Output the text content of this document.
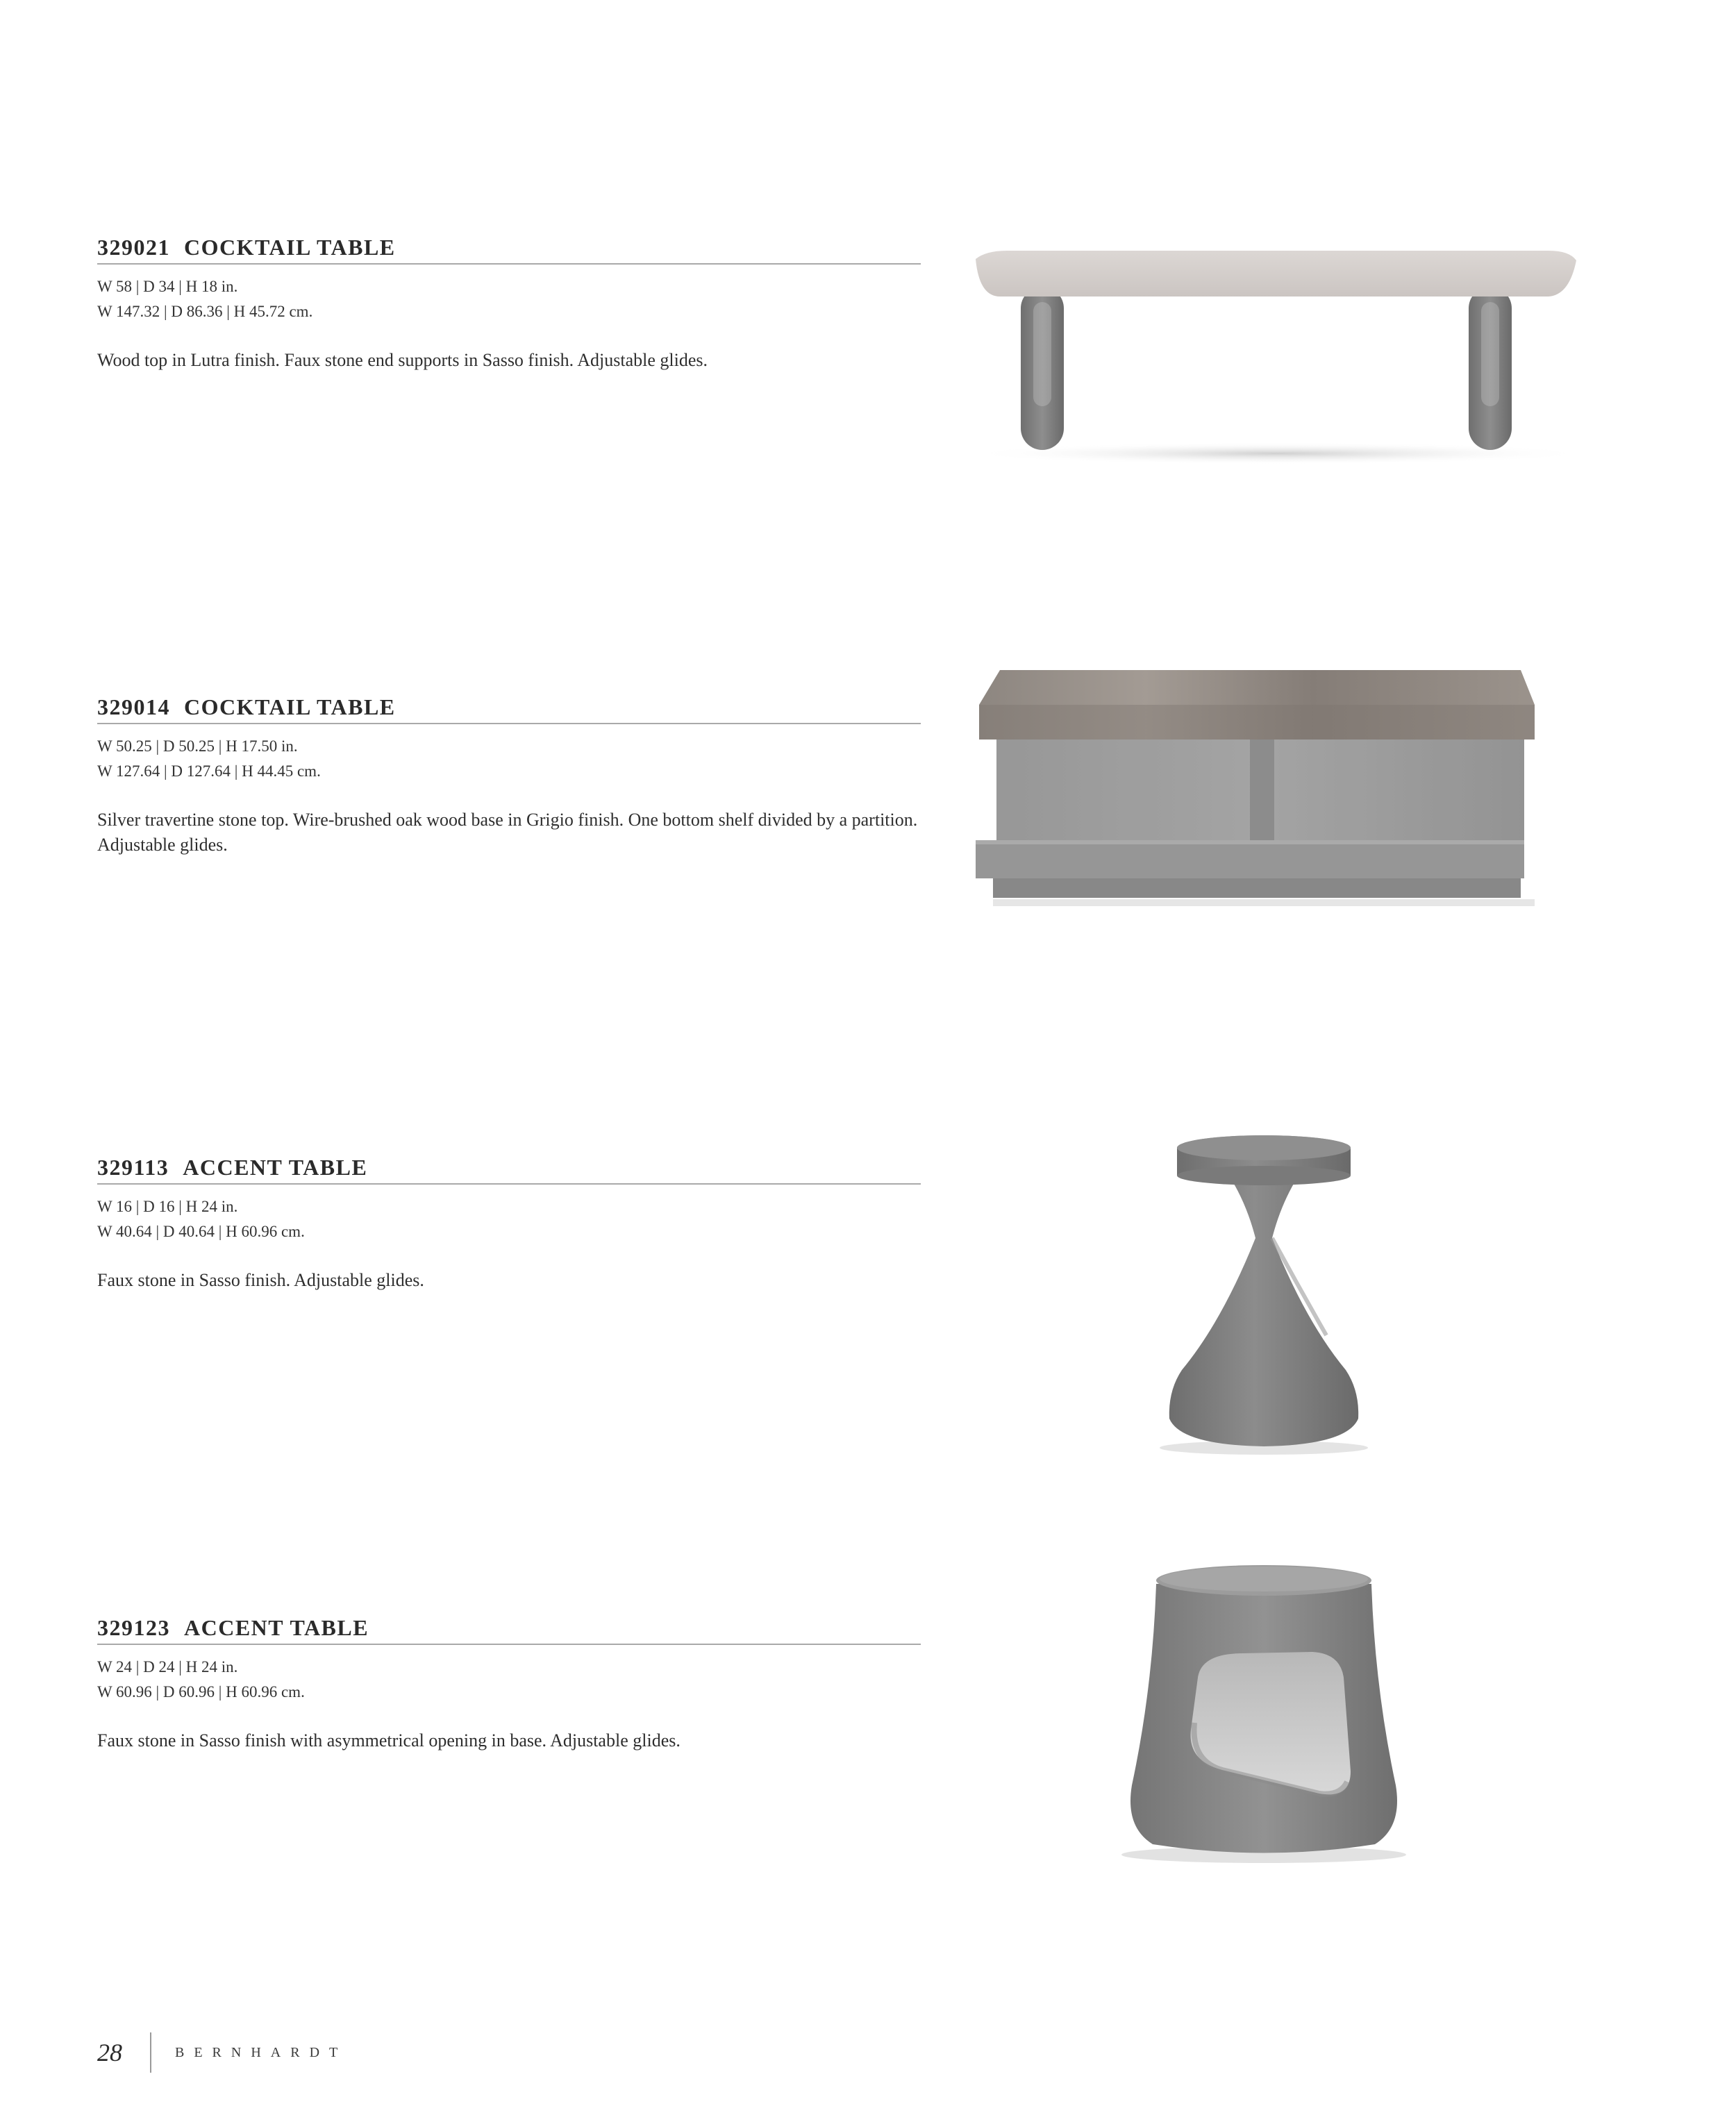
329021 COCKTAIL TABLE
W 58 | D 34 | H 18 in.
W 147.32 | D 86.36 | H 45.72 cm.
Wood top in Lutra finish. Faux stone end supports in Sasso finish. Adjustable glides.
329014 COCKTAIL TABLE
W 50.25 | D 50.25 | H 17.50 in.
W 127.64 | D 127.64 | H 44.45 cm.
Silver travertine stone top. Wire-brushed oak wood base in Grigio finish. One bottom shelf divided by a partition. Adjustable glides.
329113 ACCENT TABLE
W 16 | D 16 | H 24 in.
W 40.64 | D 40.64 | H 60.96 cm.
Faux stone in Sasso finish. Adjustable glides.
329123 ACCENT TABLE
W 24 | D 24 | H 24 in.
W 60.96 | D 60.96 | H 60.96 cm.
Faux stone in Sasso finish with asymmetrical opening in base. Adjustable glides.
28	BERNHARDT
